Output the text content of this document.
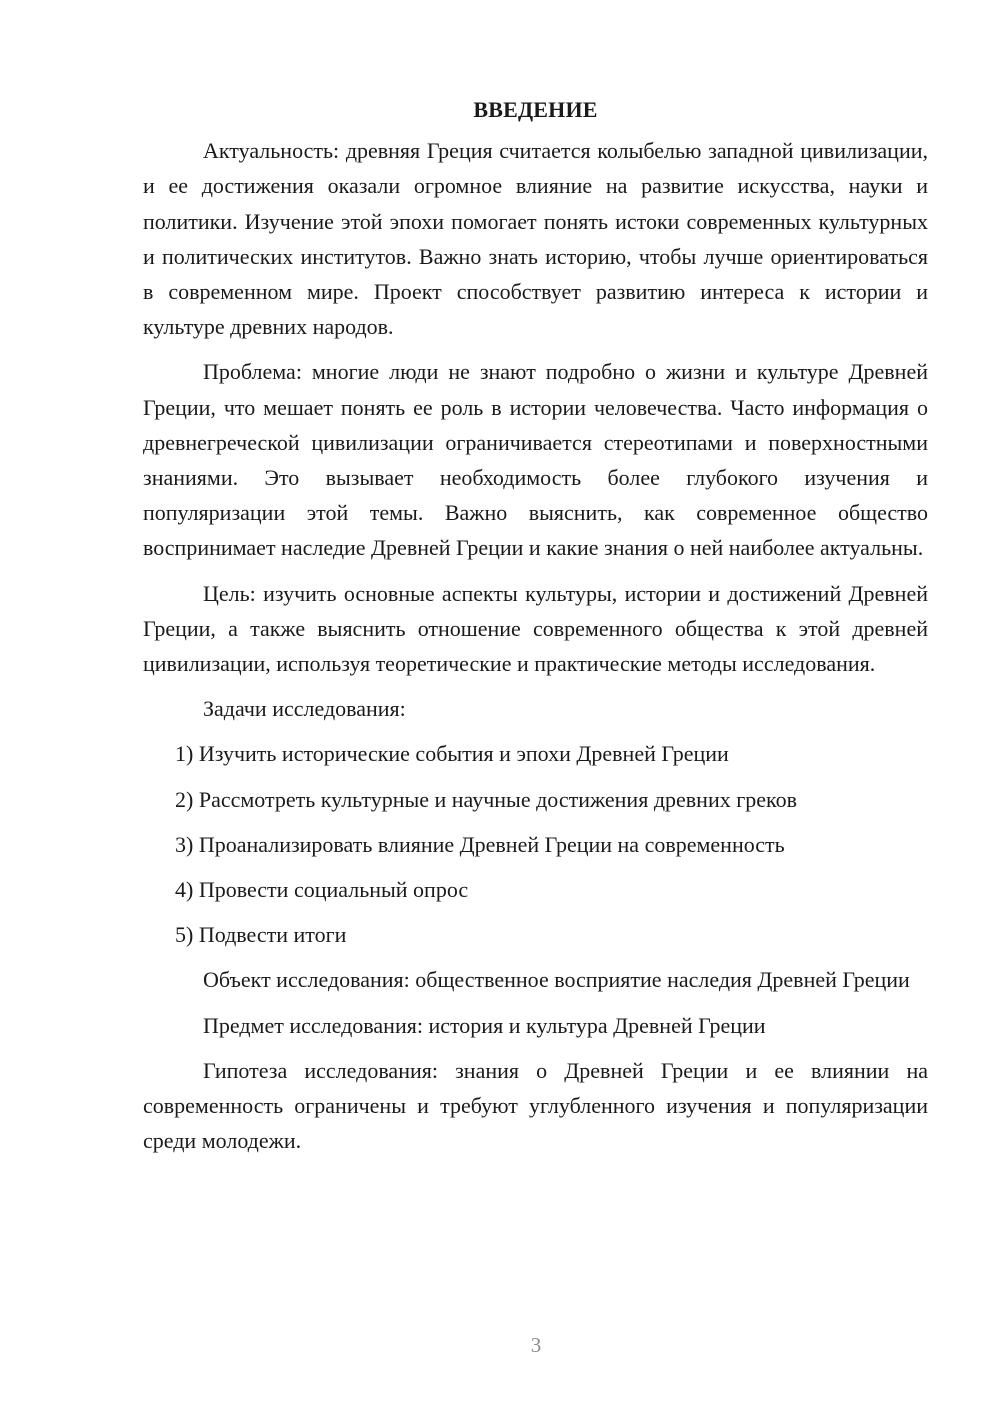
ВВЕДЕНИЕ

Актуальность: древняя Греция считается колыбелью западной цивилизации, и ее достижения оказали огромное влияние на развитие искусства, науки и политики. Изучение этой эпохи помогает понять истоки современных культурных и политических институтов. Важно знать историю, чтобы лучше ориентироваться в современном мире. Проект способствует развитию интереса к истории и культуре древних народов.

Проблема: многие люди не знают подробно о жизни и культуре Древней Греции, что мешает понять ее роль в истории человечества. Часто информация о древнегреческой цивилизации ограничивается стереотипами и поверхностными знаниями. Это вызывает необходимость более глубокого изучения и популяризации этой темы. Важно выяснить, как современное общество воспринимает наследие Древней Греции и какие знания о ней наиболее актуальны.

Цель: изучить основные аспекты культуры, истории и достижений Древней Греции, а также выяснить отношение современного общества к этой древней цивилизации, используя теоретические и практические методы исследования.

Задачи исследования:

1)
Изучить исторические события и эпохи Древней Греции
2)
Рассмотреть культурные и научные достижения древних греков
3)
Проанализировать влияние Древней Греции на современность
4)
Провести социальный опрос
5)
Подвести итоги

Объект исследования: общественное восприятие наследия Древней Греции

Предмет исследования: история и культура Древней Греции

Гипотеза исследования: знания о Древней Греции и ее влиянии на современность ограничены и требуют углубленного изучения и популяризации среди молодежи.

3
